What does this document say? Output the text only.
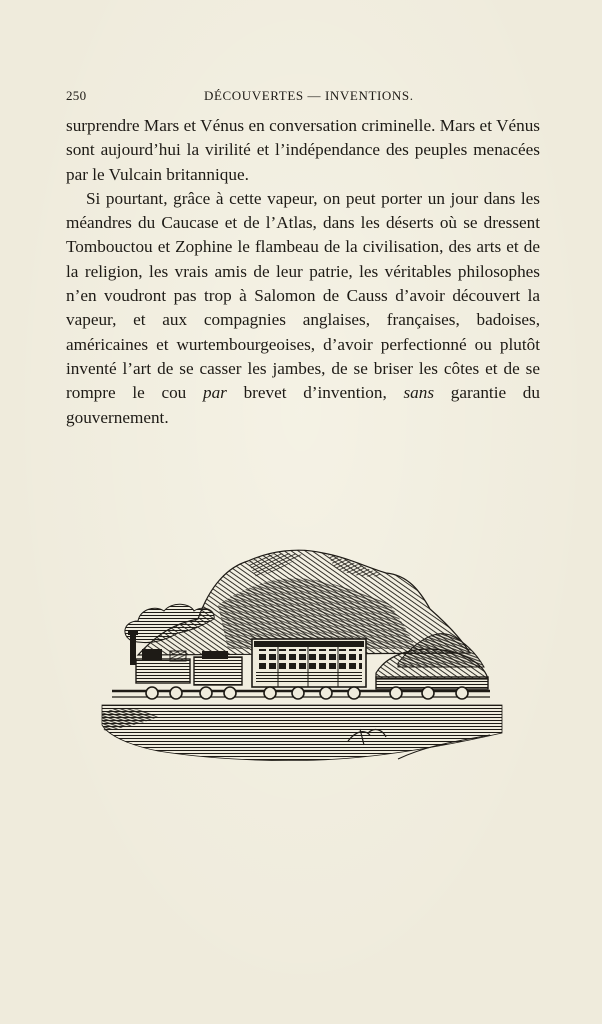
250	DÉCOUVERTES — INVENTIONS.

surprendre Mars et Vénus en conversation criminelle. Mars et Vénus sont aujourd’hui la virilité et l’indépendance des peuples menacées par le Vulcain britannique.

Si pourtant, grâce à cette vapeur, on peut porter un jour dans les méandres du Caucase et de l’Atlas, dans les déserts où se dressent Tombouctou et Zophine le flambeau de la civilisation, des arts et de la religion, les vrais amis de leur patrie, les véritables philosophes n’en voudront pas trop à Salomon de Causs d’avoir découvert la vapeur, et aux compagnies anglaises, françaises, badoises, américaines et wurtembourgeoises, d’avoir perfectionné ou plutôt inventé l’art de se casser les jambes, de se briser les côtes et de se rompre le cou par brevet d’invention, sans garantie du gouvernement.
